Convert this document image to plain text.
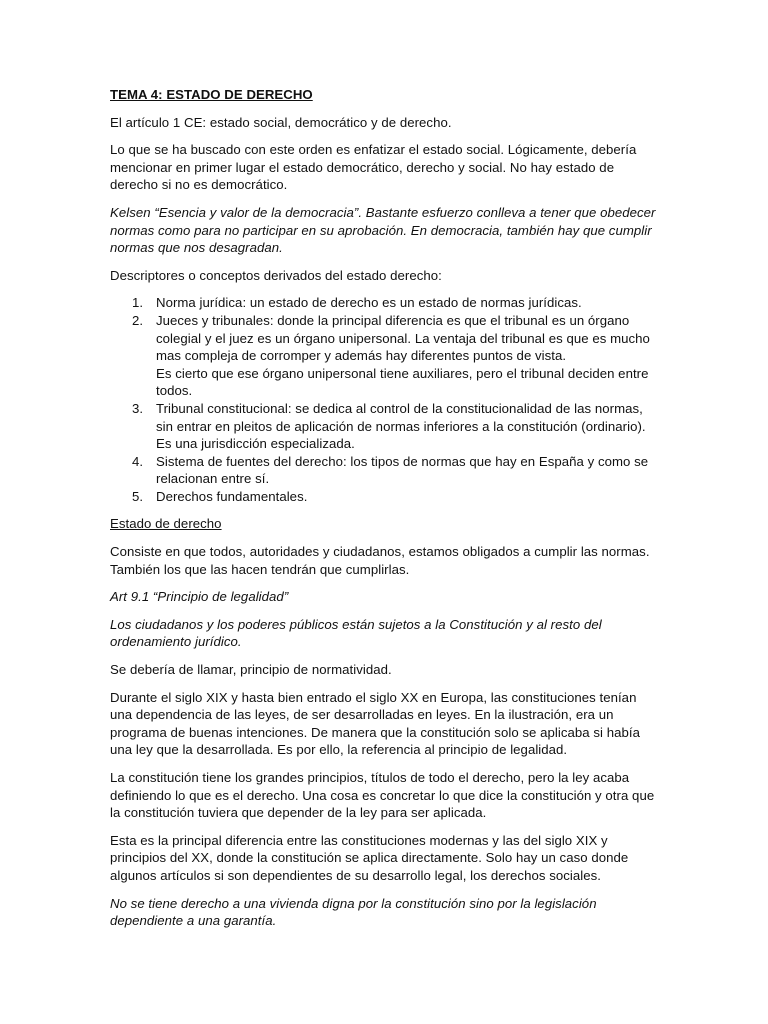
TEMA 4: ESTADO DE DERECHO

El artículo 1 CE: estado social, democrático y de derecho.

Lo que se ha buscado con este orden es enfatizar el estado social. Lógicamente, debería mencionar en primer lugar el estado democrático, derecho y social. No hay estado de derecho si no es democrático.

Kelsen “Esencia y valor de la democracia”. Bastante esfuerzo conlleva a tener que obedecer normas como para no participar en su aprobación. En democracia, también hay que cumplir normas que nos desagradan.

Descriptores o conceptos derivados del estado derecho:

1. Norma jurídica: un estado de derecho es un estado de normas jurídicas.
2. Jueces y tribunales: donde la principal diferencia es que el tribunal es un órgano colegial y el juez es un órgano unipersonal. La ventaja del tribunal es que es mucho mas compleja de corromper y además hay diferentes puntos de vista.
Es cierto que ese órgano unipersonal tiene auxiliares, pero el tribunal deciden entre todos.
3. Tribunal constitucional: se dedica al control de la constitucionalidad de las normas, sin entrar en pleitos de aplicación de normas inferiores a la constitución (ordinario). Es una jurisdicción especializada.
4. Sistema de fuentes del derecho: los tipos de normas que hay en España y como se relacionan entre sí.
5. Derechos fundamentales.

Estado de derecho

Consiste en que todos, autoridades y ciudadanos, estamos obligados a cumplir las normas. También los que las hacen tendrán que cumplirlas.

Art 9.1 “Principio de legalidad”

Los ciudadanos y los poderes públicos están sujetos a la Constitución y al resto del ordenamiento jurídico.

Se debería de llamar, principio de normatividad.

Durante el siglo XIX y hasta bien entrado el siglo XX en Europa, las constituciones tenían una dependencia de las leyes, de ser desarrolladas en leyes. En la ilustración, era un programa de buenas intenciones. De manera que la constitución solo se aplicaba si había una ley que la desarrollada. Es por ello, la referencia al principio de legalidad.

La constitución tiene los grandes principios, títulos de todo el derecho, pero la ley acaba definiendo lo que es el derecho. Una cosa es concretar lo que dice la constitución y otra que la constitución tuviera que depender de la ley para ser aplicada.

Esta es la principal diferencia entre las constituciones modernas y las del siglo XIX y principios del XX, donde la constitución se aplica directamente. Solo hay un caso donde algunos artículos si son dependientes de su desarrollo legal, los derechos sociales.

No se tiene derecho a una vivienda digna por la constitución sino por la legislación dependiente a una garantía.
